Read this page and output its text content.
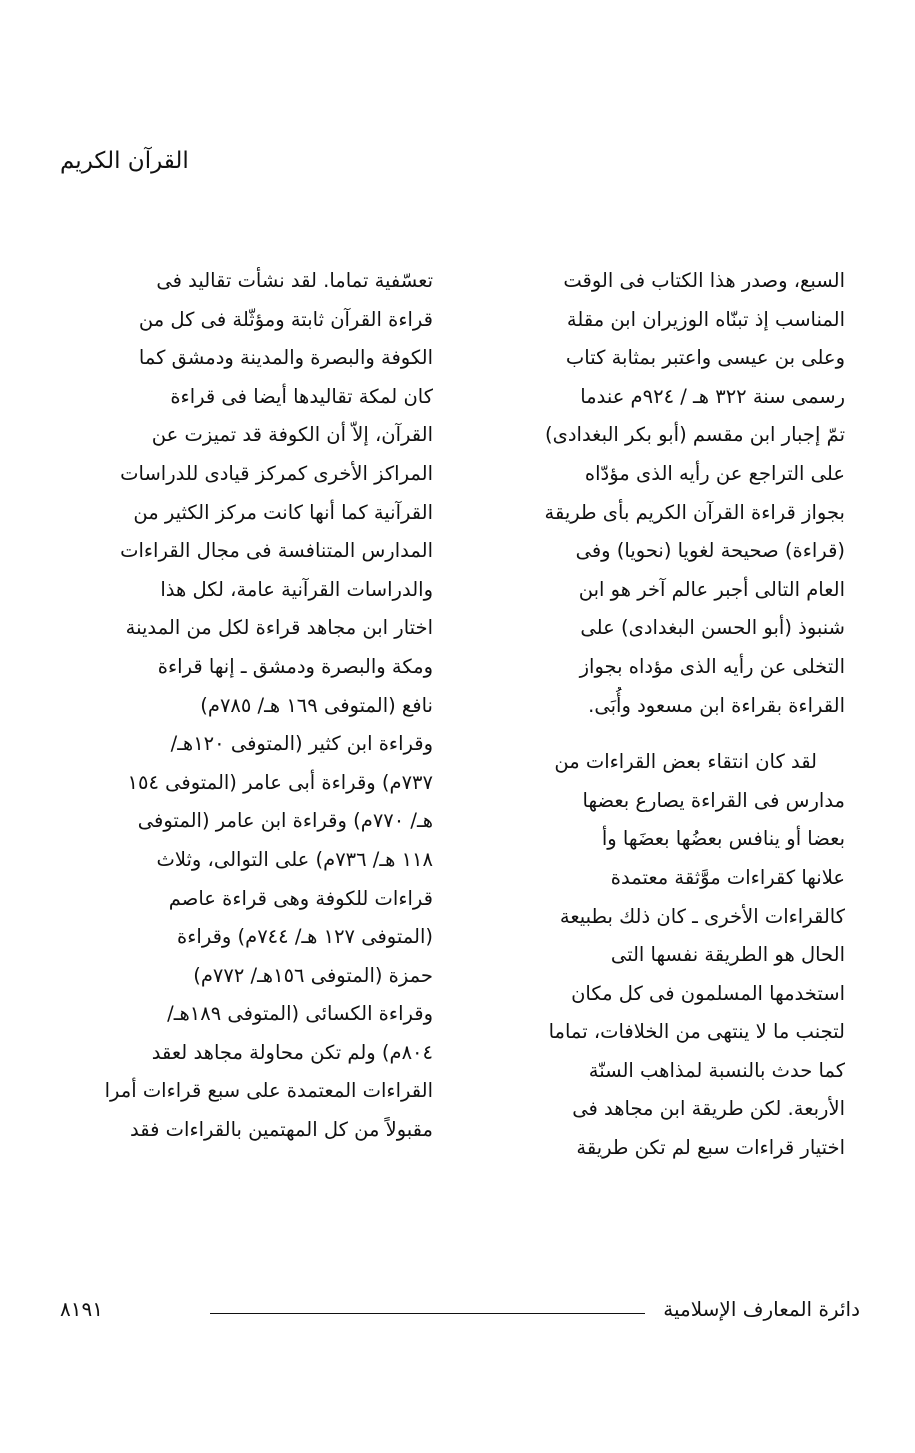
القرآن الكريم
السبع، وصدر هذا الكتاب فى الوقت
المناسب إذ تبنّاه الوزيران ابن مقلة
وعلى بن عيسى واعتبر بمثابة كتاب
رسمى سنة ٣٢٢ هـ / ٩٢٤م عندما
تمّ إجبار ابن مقسم (أبو بكر البغدادى)
على التراجع عن رأيه الذى مؤدّاه
بجواز قراءة القرآن الكريم بأى طريقة
(قراءة) صحيحة لغويا (نحويا) وفى
العام التالى أجبر عالم آخر هو ابن
شنبوذ (أبو الحسن البغدادى) على
التخلى عن رأيه الذى مؤداه بجواز
القراءة بقراءة ابن مسعود وأُبَى.
لقد كان انتقاء بعض القراءات من
مدارس فى القراءة يصارع بعضها
بعضا أو ينافس بعضُها بعضَها وأ
علانها كقراءات موَّثقة معتمدة
كالقراءات الأخرى ـ كان ذلك بطبيعة
الحال هو الطريقة نفسها التى
استخدمها المسلمون فى كل مكان
لتجنب ما لا ينتهى من الخلافات، تماما
كما حدث بالنسبة لمذاهب السنّة
الأربعة. لكن طريقة ابن مجاهد فى
اختيار قراءات سبع لم تكن طريقة
تعسّفية تماما. لقد نشأت تقاليد فى
قراءة القرآن ثابتة ومؤثّلة فى كل من
الكوفة والبصرة والمدينة ودمشق كما
كان لمكة تقاليدها أيضا فى قراءة
القرآن، إلاّ أن الكوفة قد تميزت عن
المراكز الأخرى كمركز قيادى للدراسات
القرآنية كما أنها كانت مركز الكثير من
المدارس المتنافسة فى مجال القراءات
والدراسات القرآنية عامة، لكل هذا
اختار ابن مجاهد قراءة لكل من المدينة
ومكة والبصرة ودمشق ـ إنها قراءة
نافع (المتوفى ١٦٩ هـ/ ٧٨٥م)
وقراءة ابن كثير (المتوفى ١٢٠هـ/
٧٣٧م) وقراءة أبى عامر (المتوفى ١٥٤
هـ/ ٧٧٠م) وقراءة ابن عامر (المتوفى
١١٨ هـ/ ٧٣٦م) على التوالى، وثلاث
قراءات للكوفة وهى قراءة عاصم
(المتوفى ١٢٧ هـ/ ٧٤٤م) وقراءة
حمزة (المتوفى ١٥٦هـ/ ٧٧٢م)
وقراءة الكسائى (المتوفى ١٨٩هـ/
٨٠٤م) ولم تكن محاولة مجاهد لعقد
القراءات المعتمدة على سبع قراءات أمرا
مقبولاً من كل المهتمين بالقراءات فقد
دائرة المعارف الإسلامية
٨١٩١
